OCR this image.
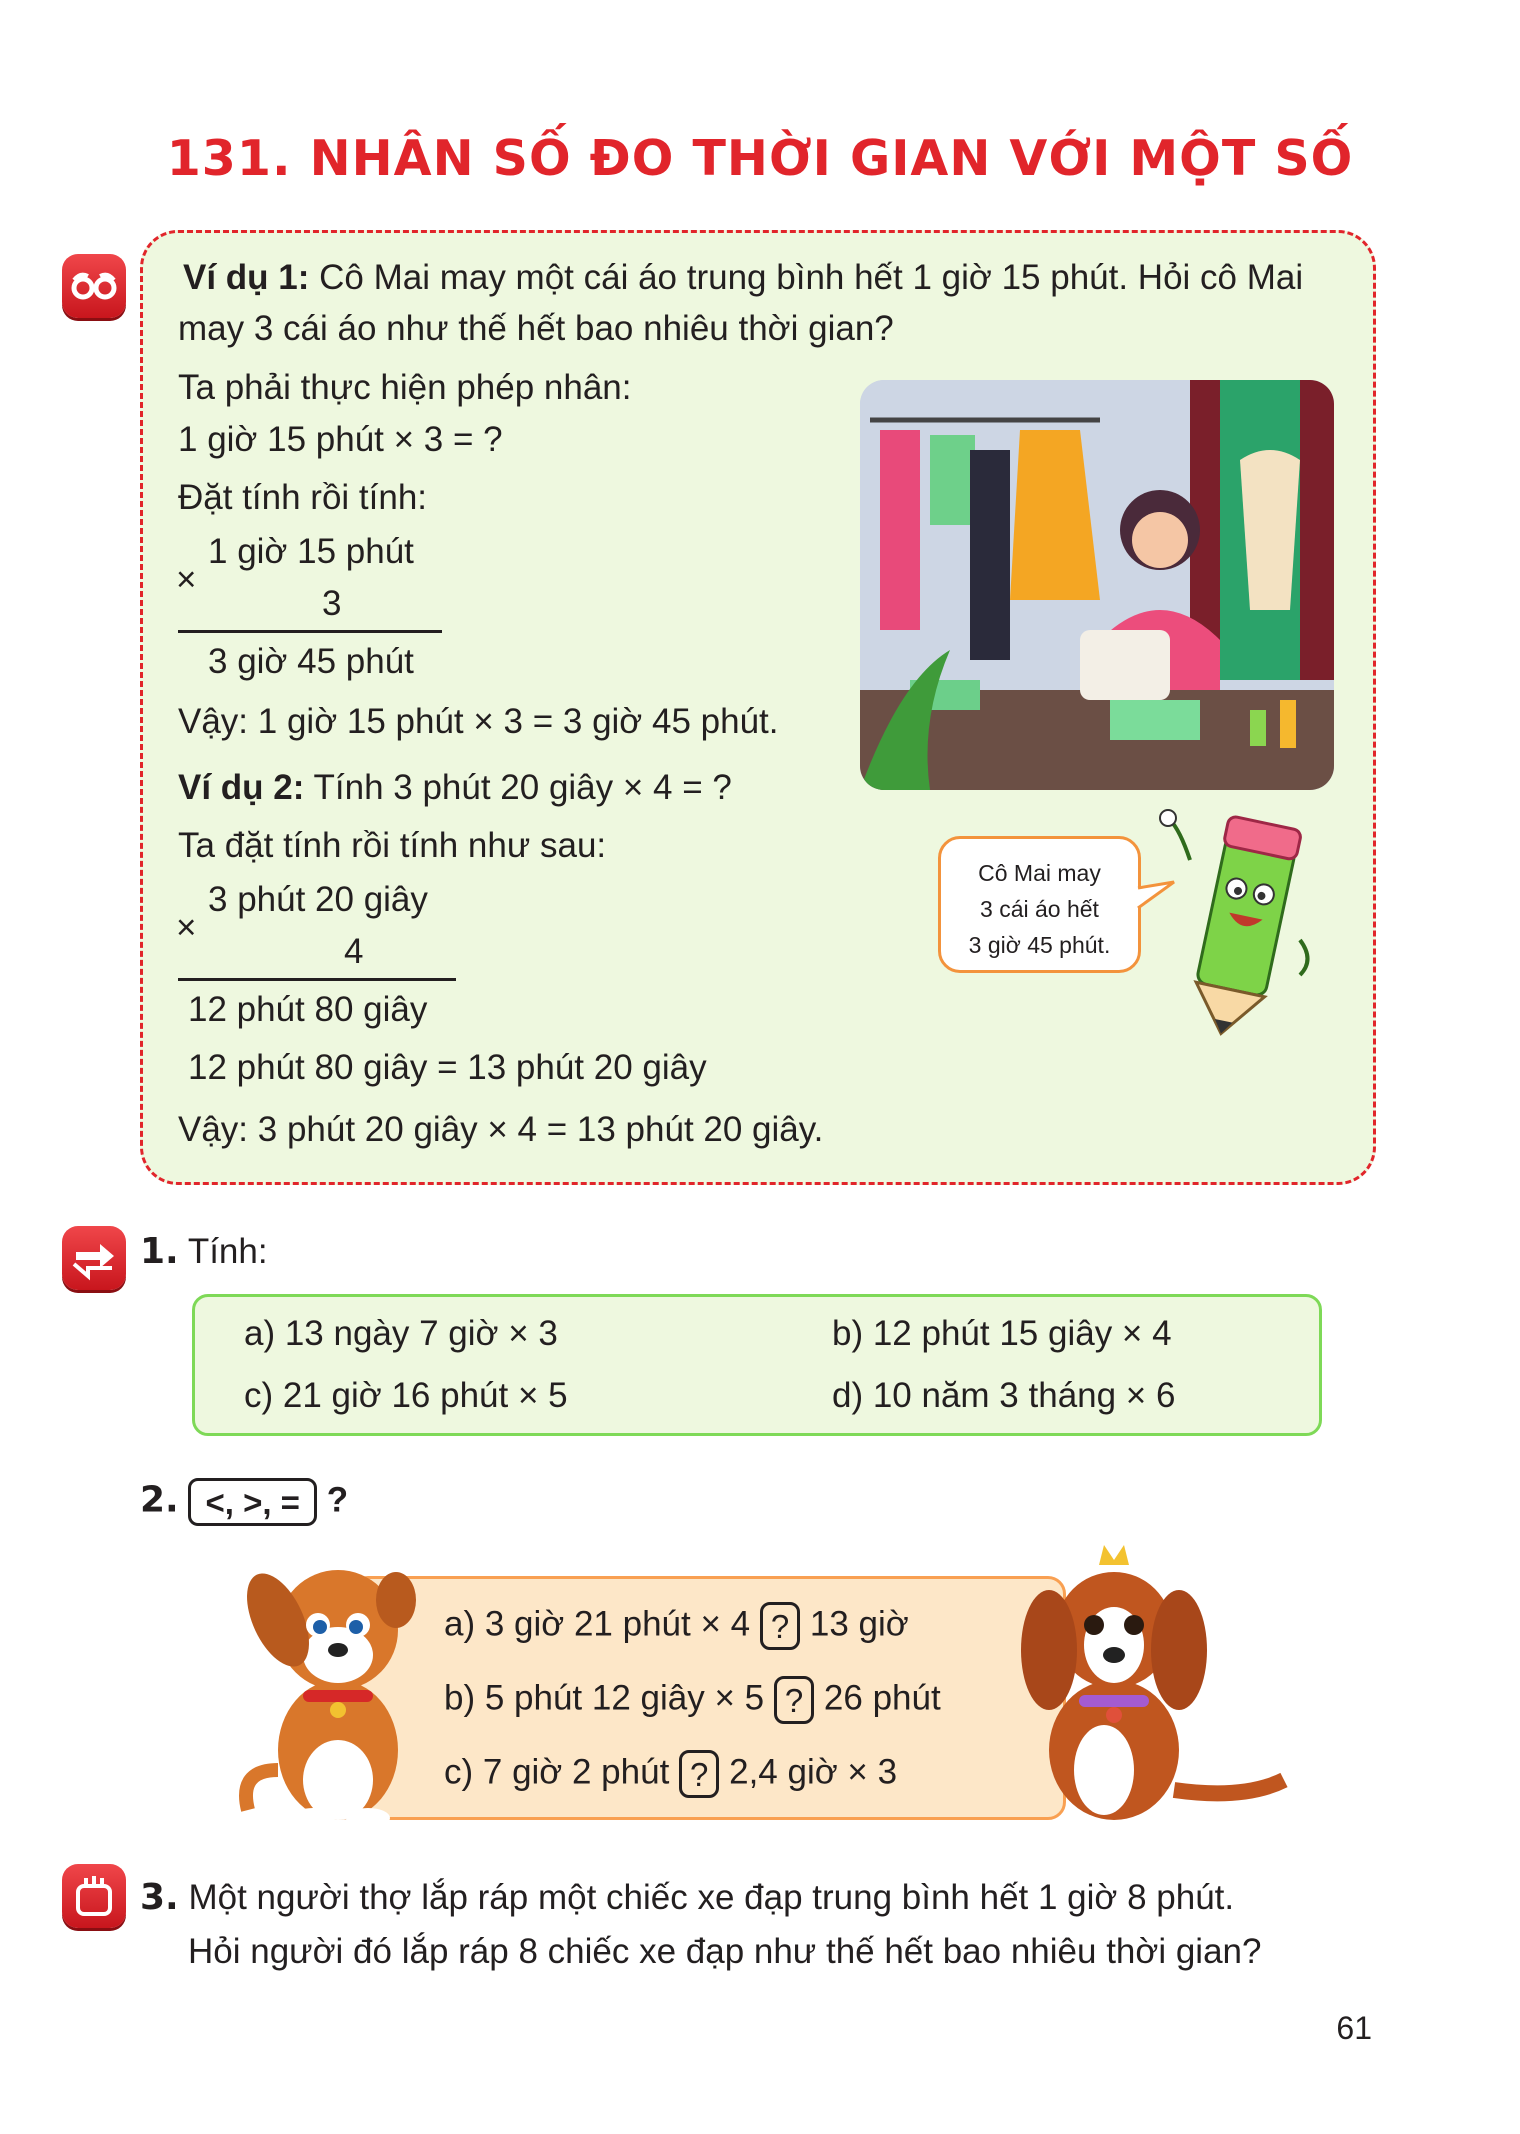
131. NHÂN SỐ ĐO THỜI GIAN VỚI MỘT SỐ
Ví dụ 1: Cô Mai may một cái áo trung bình hết 1 giờ 15 phút. Hỏi cô Mai
may 3 cái áo như thế hết bao nhiêu thời gian?
Ta phải thực hiện phép nhân:
1 giờ 15 phút × 3 = ?
Đặt tính rồi tính:
1 giờ 15 phút
×
3
3 giờ 45 phút
Vậy: 1 giờ 15 phút × 3 = 3 giờ 45 phút.
Ví dụ 2: Tính 3 phút 20 giây × 4 = ?
Ta đặt tính rồi tính như sau:
3 phút 20 giây
×
4
12 phút 80 giây
12 phút 80 giây = 13 phút 20 giây
Vậy: 3 phút 20 giây × 4 = 13 phút 20 giây.
Cô Mai may
3 cái áo hết
3 giờ 45 phút.
1. Tính:
a) 13 ngày 7 giờ × 3	b) 12 phút 15 giây × 4
c) 21 giờ 16 phút × 5	d) 10 năm 3 tháng × 6
2. <, >, = ?
a) 3 giờ 21 phút × 4 ? 13 giờ
b) 5 phút 12 giây × 5 ? 26 phút
c) 7 giờ 2 phút ? 2,4 giờ × 3
3. Một người thợ lắp ráp một chiếc xe đạp trung bình hết 1 giờ 8 phút.
Hỏi người đó lắp ráp 8 chiếc xe đạp như thế hết bao nhiêu thời gian?
61
